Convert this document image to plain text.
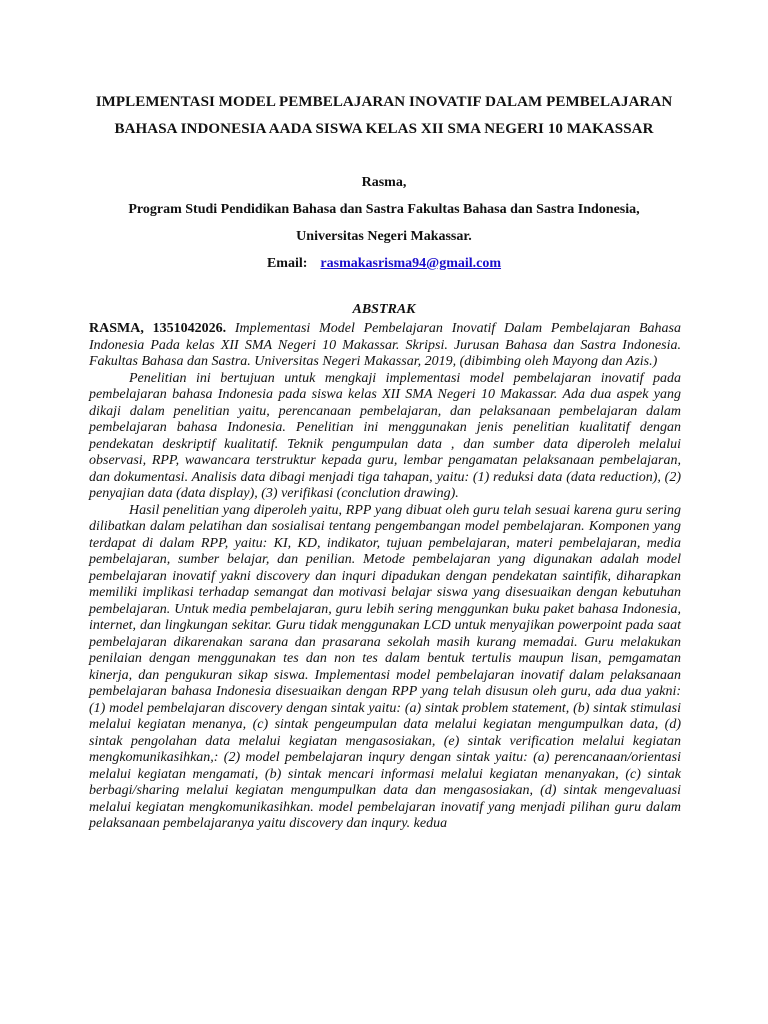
IMPLEMENTASI MODEL PEMBELAJARAN INOVATIF DALAM PEMBELAJARAN
BAHASA INDONESIA AADA SISWA KELAS XII SMA NEGERI 10 MAKASSAR
Rasma,
Program Studi Pendidikan Bahasa dan Sastra Fakultas Bahasa dan Sastra Indonesia,
Universitas Negeri Makassar.
Email: rasmakasrisma94@gmail.com
ABSTRAK

RASMA, 1351042026. Implementasi Model Pembelajaran Inovatif Dalam Pembelajaran Bahasa Indonesia Pada kelas XII SMA Negeri 10 Makassar. Skripsi. Jurusan Bahasa dan Sastra Indonesia. Fakultas Bahasa dan Sastra. Universitas Negeri Makassar, 2019, (dibimbing oleh Mayong dan Azis.)

Penelitian ini bertujuan untuk mengkaji implementasi model pembelajaran inovatif pada pembelajaran bahasa Indonesia pada siswa kelas XII SMA Negeri 10 Makassar. Ada dua aspek yang dikaji dalam penelitian yaitu, perencanaan pembelajaran, dan pelaksanaan pembelajaran dalam pembelajaran bahasa Indonesia. Penelitian ini menggunakan jenis penelitian kualitatif dengan pendekatan deskriptif kualitatif. Teknik pengumpulan data , dan sumber data diperoleh melalui observasi, RPP, wawancara terstruktur kepada guru, lembar pengamatan pelaksanaan pembelajaran, dan dokumentasi. Analisis data dibagi menjadi tiga tahapan, yaitu: (1) reduksi data (data reduction), (2) penyajian data (data display), (3) verifikasi (conclution drawing).

Hasil penelitian yang diperoleh yaitu, RPP yang dibuat oleh guru telah sesuai karena guru sering dilibatkan dalam pelatihan dan sosialisai tentang pengembangan model pembelajaran. Komponen yang terdapat di dalam RPP, yaitu: KI, KD, indikator, tujuan pembelajaran, materi pembelajaran, media pembelajaran, sumber belajar, dan penilian. Metode pembelajaran yang digunakan adalah model pembelajaran inovatif yakni discovery dan inquri dipadukan dengan pendekatan saintifik, diharapkan memiliki implikasi terhadap semangat dan motivasi belajar siswa yang disesuaikan dengan kebutuhan pembelajaran. Untuk media pembelajaran, guru lebih sering menggunkan buku paket bahasa Indonesia, internet, dan lingkungan sekitar. Guru tidak menggunakan LCD untuk menyajikan powerpoint pada saat pembelajaran dikarenakan sarana dan prasarana sekolah masih kurang memadai. Guru melakukan penilaian dengan menggunakan tes dan non tes dalam bentuk tertulis maupun lisan, pemgamatan kinerja, dan pengukuran sikap siswa. Implementasi model pembelajaran inovatif dalam pelaksanaan pembelajaran bahasa Indonesia disesuaikan dengan RPP yang telah disusun oleh guru, ada dua yakni: (1) model pembelajaran discovery dengan sintak yaitu: (a) sintak problem statement, (b) sintak stimulasi melalui kegiatan menanya, (c) sintak pengeumpulan data melalui kegiatan mengumpulkan data, (d) sintak pengolahan data melalui kegiatan mengasosiakan, (e) sintak verification melalui kegiatan mengkomunikasihkan,: (2) model pembelajaran inqury dengan sintak yaitu: (a) perencanaan/orientasi melalui kegiatan mengamati, (b) sintak mencari informasi melalui kegiatan menanyakan, (c) sintak berbagi/sharing melalui kegiatan mengumpulkan data dan mengasosiakan, (d) sintak mengevaluasi melalui kegiatan mengkomunikasihkan. model pembelajaran inovatif yang menjadi pilihan guru dalam pelaksanaan pembelajaranya yaitu discovery dan inqury. kedua
